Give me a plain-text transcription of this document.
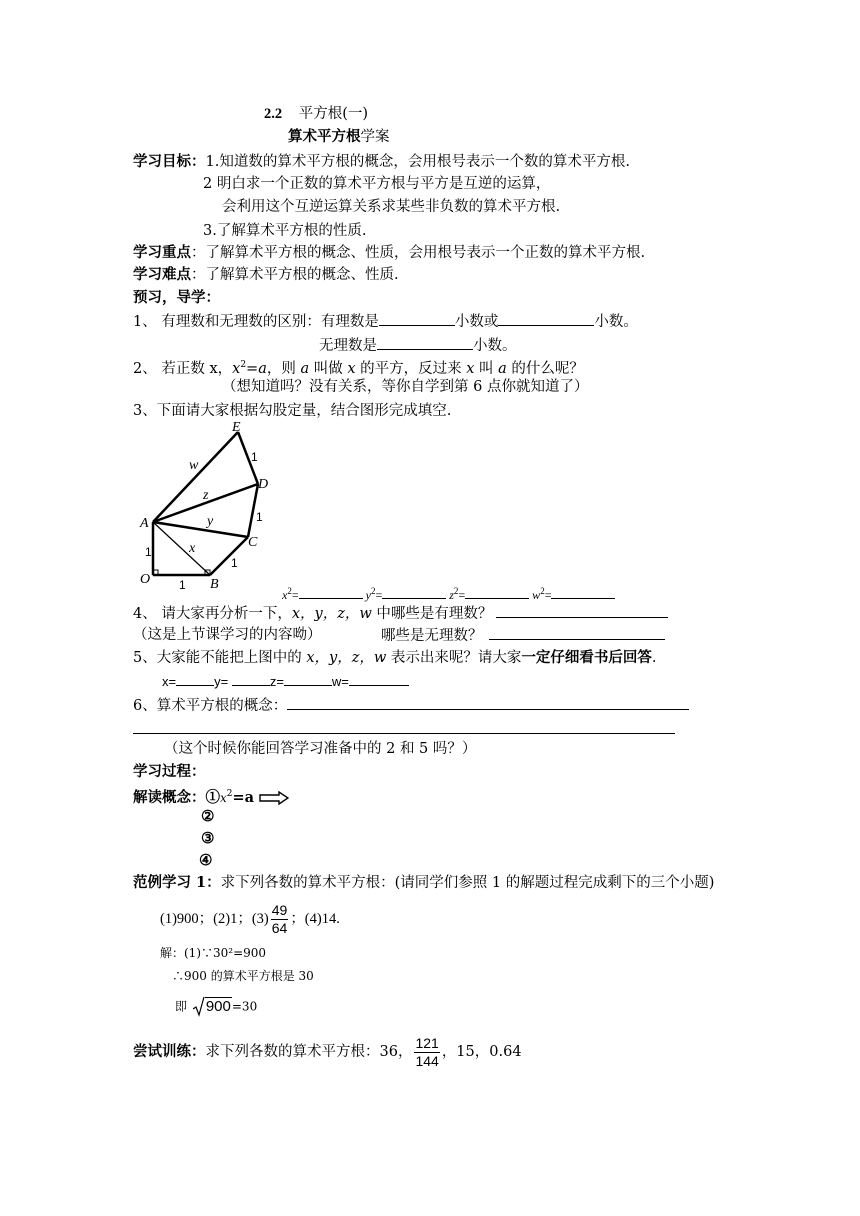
2.2 平方根(一)
算术平方根学案
学习目标：1.知道数的算术平方根的概念，会用根号表示一个数的算术平方根.
2 明白求一个正数的算术平方根与平方是互逆的运算，
会利用这个互逆运算关系求某些非负数的算术平方根.
3.了解算术平方根的性质.
学习重点：了解算术平方根的概念、性质，会用根号表示一个正数的算术平方根.
学习难点：了解算术平方根的概念、性质.
预习，导学：
1、 有理数和无理数的区别：有理数是	小数或	小数。
无理数是	小数。
2、 若正数 x，$x^2=a$，则 a 叫做 x 的平方，反过来 x 叫 a 的什么呢？
（想知道吗？没有关系，等你自学到第 6 点你就知道了）
3、下面请大家根据勾股定量，结合图形完成填空.
E
D
C
B
A
O
w
z
y
x
1
1
1
1
1
$x^2=$	$y^2=$	$z^2=$	$w^2=$
4、 请大家再分析一下，x，y，z，w 中哪些是有理数？
（这是上节课学习的内容呦）	哪些是无理数？
5、大家能不能把上图中的 x，y，z，w 表示出来呢？请大家一定仔细看书后回答.
x=	y=	z=	w=
6、算术平方根的概念：
（这个时候你能回答学习准备中的 2 和 5 吗？）
学习过程：
解读概念：$①x^2=a$
②
③
④
范例学习 1：求下列各数的算术平方根：(请同学们参照 1 的解题过程完成剩下的三个小题)
(1)900；(2)1；$(3) \frac{49}{64}$ ；(4)14.
解：(1)∵30²=900
∴900 的算术平方根是 30
即 900=30
尝试训练：求下列各数的算术平方根：36， $\frac{121}{144}$ ，15，0.64
